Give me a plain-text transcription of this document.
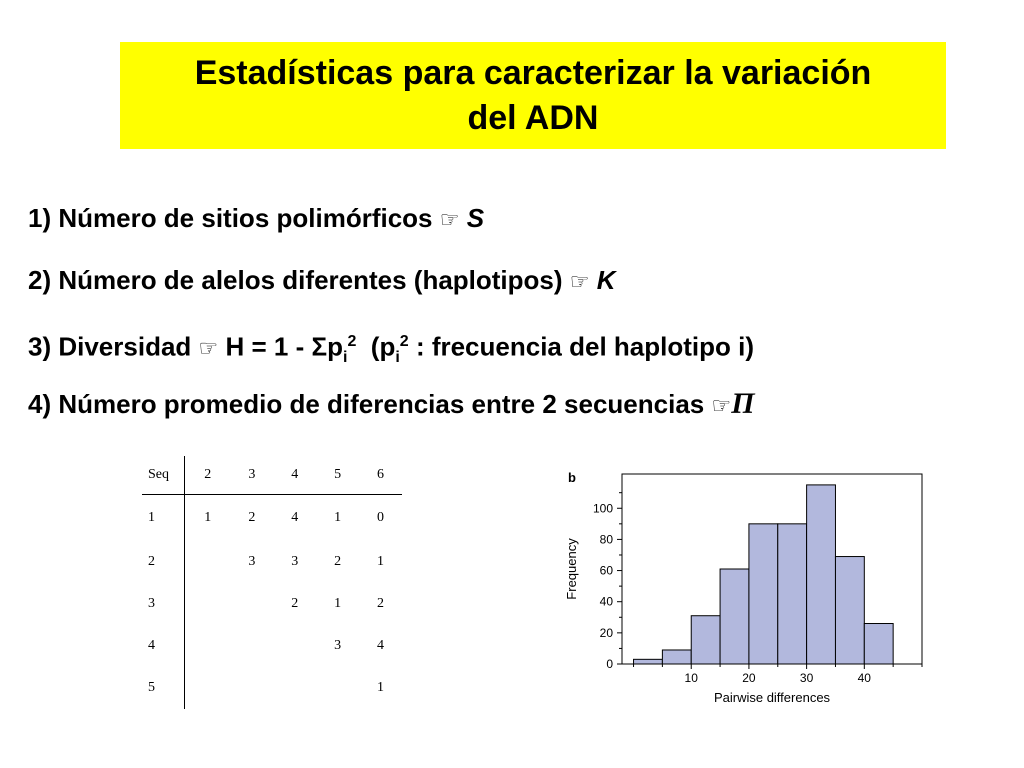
Estadísticas para caracterizar la variación
del ADN
1) Número de sitios polimórficos ☞ S
2) Número de alelos diferentes (haplotipos) ☞ K
3) Diversidad ☞ $H = 1 - \Sigma p_i^2$ ($p_i^2$ : frecuencia del haplotipo i)
4) Número promedio de diferencias entre 2 secuencias ☞Π
Seq	2	3	4	5	6
1	1	2	4	1	0
2		3	3	2	1
3			2	1	2
4				3	4
5					1
0
20
40
60
80
100
10	20	30	40
Pairwise differences
Frequency
b
